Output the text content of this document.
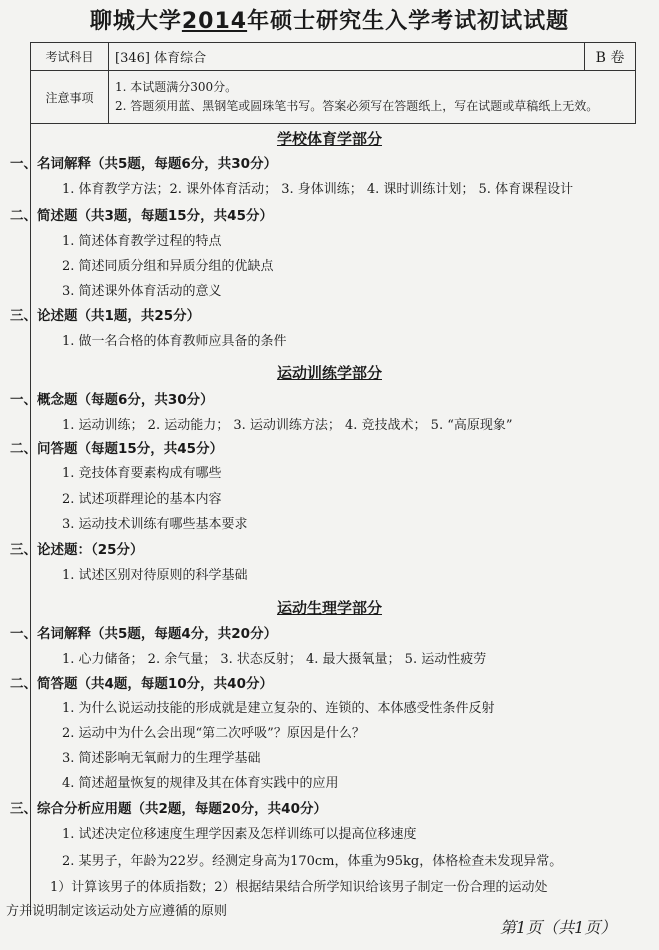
聊城大学2014年硕士研究生入学考试初试试题
考试科目	[346] 体育综合	B 卷
注意事项
1. 本试题满分300分。
2. 答题须用蓝、黑钢笔或圆珠笔书写。答案必须写在答题纸上，写在试题或草稿纸上无效。
学校体育学部分
一、名词解释（共5题，每题6分，共30分）
1. 体育教学方法；2. 课外体育活动； 3. 身体训练； 4. 课时训练计划； 5. 体育课程设计
二、简述题（共3题，每题15分，共45分）
1. 简述体育教学过程的特点
2. 简述同质分组和异质分组的优缺点
3. 简述课外体育活动的意义
三、论述题（共1题，共25分）
1. 做一名合格的体育教师应具备的条件
运动训练学部分
一、概念题（每题6分，共30分）
1. 运动训练； 2. 运动能力； 3. 运动训练方法； 4. 竞技战术； 5. “高原现象”
二、问答题（每题15分，共45分）
1. 竞技体育要素构成有哪些
2. 试述项群理论的基本内容
3. 运动技术训练有哪些基本要求
三、论述题：（25分）
1. 试述区别对待原则的科学基础
运动生理学部分
一、名词解释（共5题，每题4分，共20分）
1. 心力储备； 2. 余气量； 3. 状态反射； 4. 最大摄氧量； 5. 运动性疲劳
二、简答题（共4题，每题10分，共40分）
1. 为什么说运动技能的形成就是建立复杂的、连锁的、本体感受性条件反射
2. 运动中为什么会出现“第二次呼吸”？原因是什么？
3. 简述影响无氧耐力的生理学基础
4. 简述超量恢复的规律及其在体育实践中的应用
三、综合分析应用题（共2题，每题20分，共40分）
1. 试述决定位移速度生理学因素及怎样训练可以提高位移速度
2. 某男子，年龄为22岁。经测定身高为170cm，体重为95kg，体格检查未发现异常。
1）计算该男子的体质指数；2）根据结果结合所学知识给该男子制定一份合理的运动处
方并说明制定该运动处方应遵循的原则
第1页（共1页）
